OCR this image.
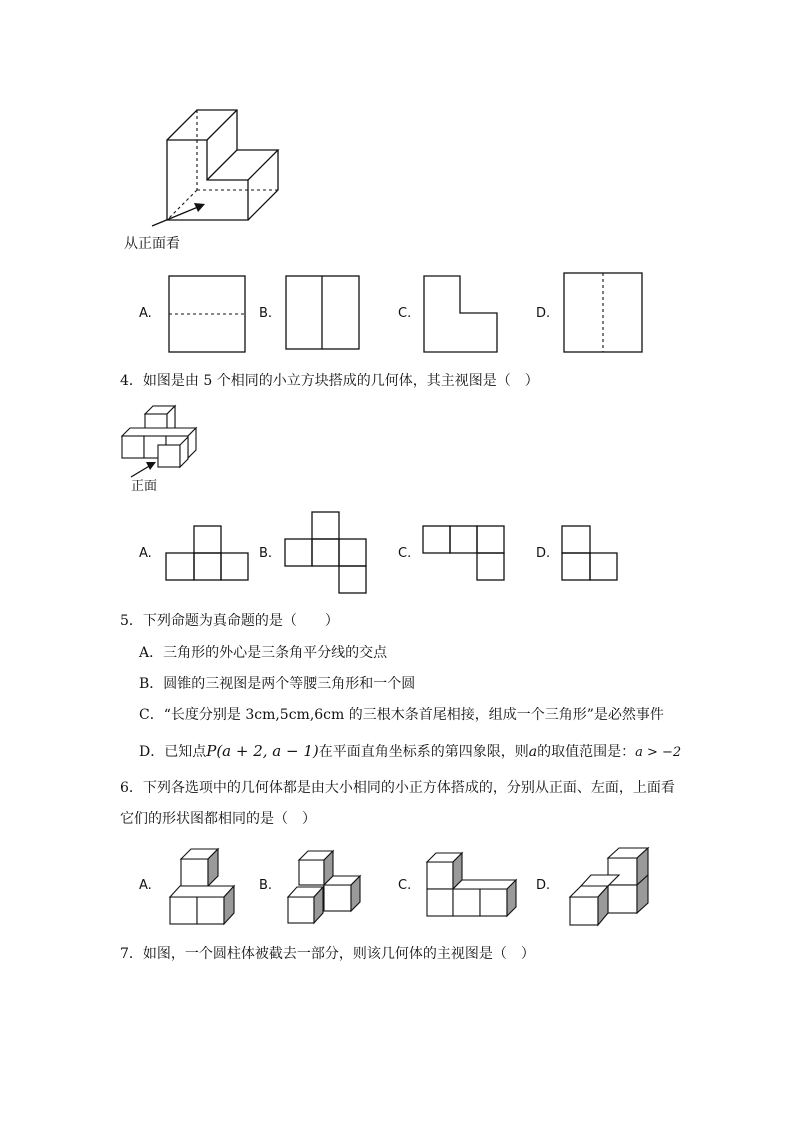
从正面看
A.	B.	C.	D.
4．如图是由 5 个相同的小立方块搭成的几何体，其主视图是（　）
正面
A.	B.	C.	D.
5．下列命题为真命题的是（　　）
A．三角形的外心是三条角平分线的交点
B．圆锥的三视图是两个等腰三角形和一个圆
C．“长度分别是 3cm,5cm,6cm 的三根木条首尾相接，组成一个三角形”是必然事件
D．已知点P(a + 2, a − 1)在平面直角坐标系的第四象限，则a的取值范围是：a > −2
6．下列各选项中的几何体都是由大小相同的小正方体搭成的，分别从正面、左面，上面看
它们的形状图都相同的是（　）
A.	B.	C.	D.
7．如图，一个圆柱体被截去一部分，则该几何体的主视图是（　）
